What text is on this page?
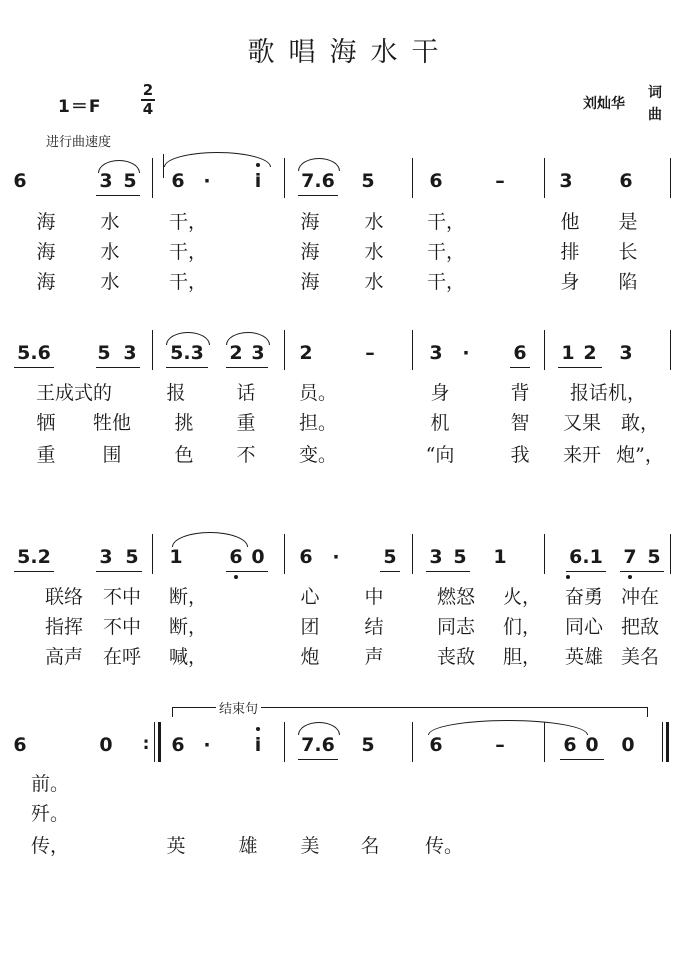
歌唱海水干
1＝F
2
4	刘灿华
词
曲
进行曲速度
6	3 5 6 · i 7.6 5	6	–	3 6
海 水	干，	海 水 干，	他 是
海 水	干，	海 水 干，	排 长
海 水	干，	海 水 干，	身 陷
5.6 5 3 5.3 2 3 2	–	3 · 6 1 2 3
王成式的	报	话 员。	身	背 报话机，
牺 牲他 挑 重 担。	机	智 又果 敢，
重 围	色 不 变。	“向	我 来开 炮”，
5.2	3 5 1 6 0 6 · 5 3 5 1	6.1 7 5
联络 不中 断，	心 中	燃怒 火， 奋勇 冲在
指挥 不中 断，	团 结	同志 们， 同心 把敌
高声 在呼 喊，	炮 声	丧敌 胆， 英雄 美名
结束句
6	0 : 6 · i 7.6 5	6	–	6 0 0
前。
歼。
传，	英	雄 美 名 传。
